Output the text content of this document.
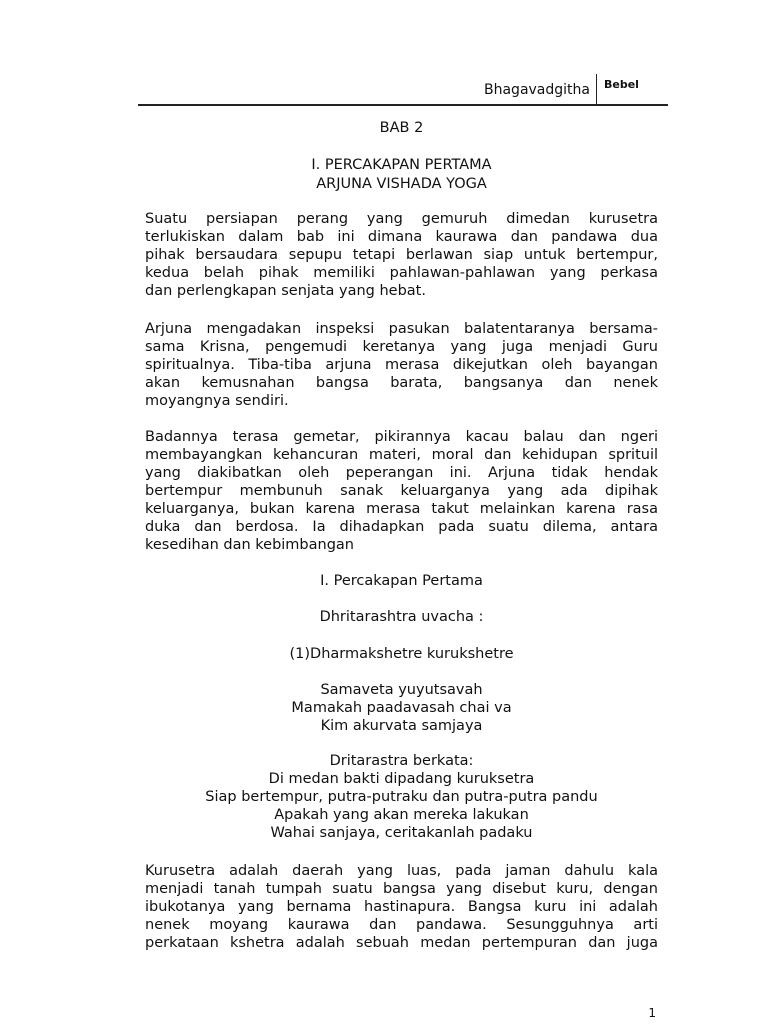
Bhagavadgitha Bebel
BAB 2
I. PERCAKAPAN PERTAMA
ARJUNA VISHADA YOGA
Suatu persiapan perang yang gemuruh dimedan kurusetra
terlukiskan dalam bab ini dimana kaurawa dan pandawa dua
pihak bersaudara sepupu tetapi berlawan siap untuk bertempur,
kedua belah pihak memiliki pahlawan-pahlawan yang perkasa
dan perlengkapan senjata yang hebat.
Arjuna mengadakan inspeksi pasukan balatentaranya bersama-
sama Krisna, pengemudi keretanya yang juga menjadi Guru
spiritualnya. Tiba-tiba arjuna merasa dikejutkan oleh bayangan
akan kemusnahan bangsa barata, bangsanya dan nenek
moyangnya sendiri.
Badannya terasa gemetar, pikirannya kacau balau dan ngeri
membayangkan kehancuran materi, moral dan kehidupan sprituil
yang diakibatkan oleh peperangan ini. Arjuna tidak hendak
bertempur membunuh sanak keluarganya yang ada dipihak
keluarganya, bukan karena merasa takut melainkan karena rasa
duka dan berdosa. Ia dihadapkan pada suatu dilema, antara
kesedihan dan kebimbangan
I. Percakapan Pertama
Dhritarashtra uvacha :
(1)Dharmakshetre kurukshetre
Samaveta yuyutsavah
Mamakah paadavasah chai va
Kim akurvata samjaya
Dritarastra berkata:
Di medan bakti dipadang kuruksetra
Siap bertempur, putra-putraku dan putra-putra pandu
Apakah yang akan mereka lakukan
Wahai sanjaya, ceritakanlah padaku
Kurusetra adalah daerah yang luas, pada jaman dahulu kala
menjadi tanah tumpah suatu bangsa yang disebut kuru, dengan
ibukotanya yang bernama hastinapura. Bangsa kuru ini adalah
nenek moyang kaurawa dan pandawa. Sesungguhnya arti
perkataan kshetra adalah sebuah medan pertempuran dan juga
1
